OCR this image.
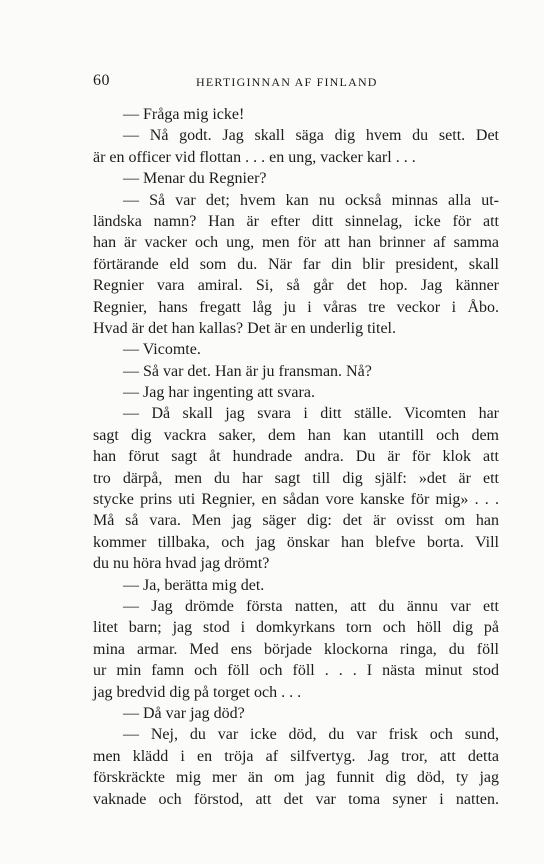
60	HERTIGINNAN AF FINLAND
— Fråga mig icke!
— Nå godt. Jag skall säga dig hvem du sett. Det
är en officer vid flottan . . . en ung, vacker karl . . .
— Menar du Regnier?
— Så var det; hvem kan nu också minnas alla ut-
ländska namn? Han är efter ditt sinnelag, icke för att
han är vacker och ung, men för att han brinner af samma
förtärande eld som du. När far din blir president, skall
Regnier vara amiral. Si, så går det hop. Jag känner
Regnier, hans fregatt låg ju i våras tre veckor i Åbo.
Hvad är det han kallas? Det är en underlig titel.
— Vicomte.
— Så var det. Han är ju fransman. Nå?
— Jag har ingenting att svara.
— Då skall jag svara i ditt ställe. Vicomten har
sagt dig vackra saker, dem han kan utantill och dem
han förut sagt åt hundrade andra. Du är för klok att
tro därpå, men du har sagt till dig själf: »det är ett
stycke prins uti Regnier, en sådan vore kanske för mig» . . .
Må så vara. Men jag säger dig: det är ovisst om han
kommer tillbaka, och jag önskar han blefve borta. Vill
du nu höra hvad jag drömt?
— Ja, berätta mig det.
— Jag drömde första natten, att du ännu var ett
litet barn; jag stod i domkyrkans torn och höll dig på
mina armar. Med ens började klockorna ringa, du föll
ur min famn och föll och föll . . . I nästa minut stod
jag bredvid dig på torget och . . .
— Då var jag död?
— Nej, du var icke död, du var frisk och sund,
men klädd i en tröja af silfvertyg. Jag tror, att detta
förskräckte mig mer än om jag funnit dig död, ty jag
vaknade och förstod, att det var toma syner i natten.
